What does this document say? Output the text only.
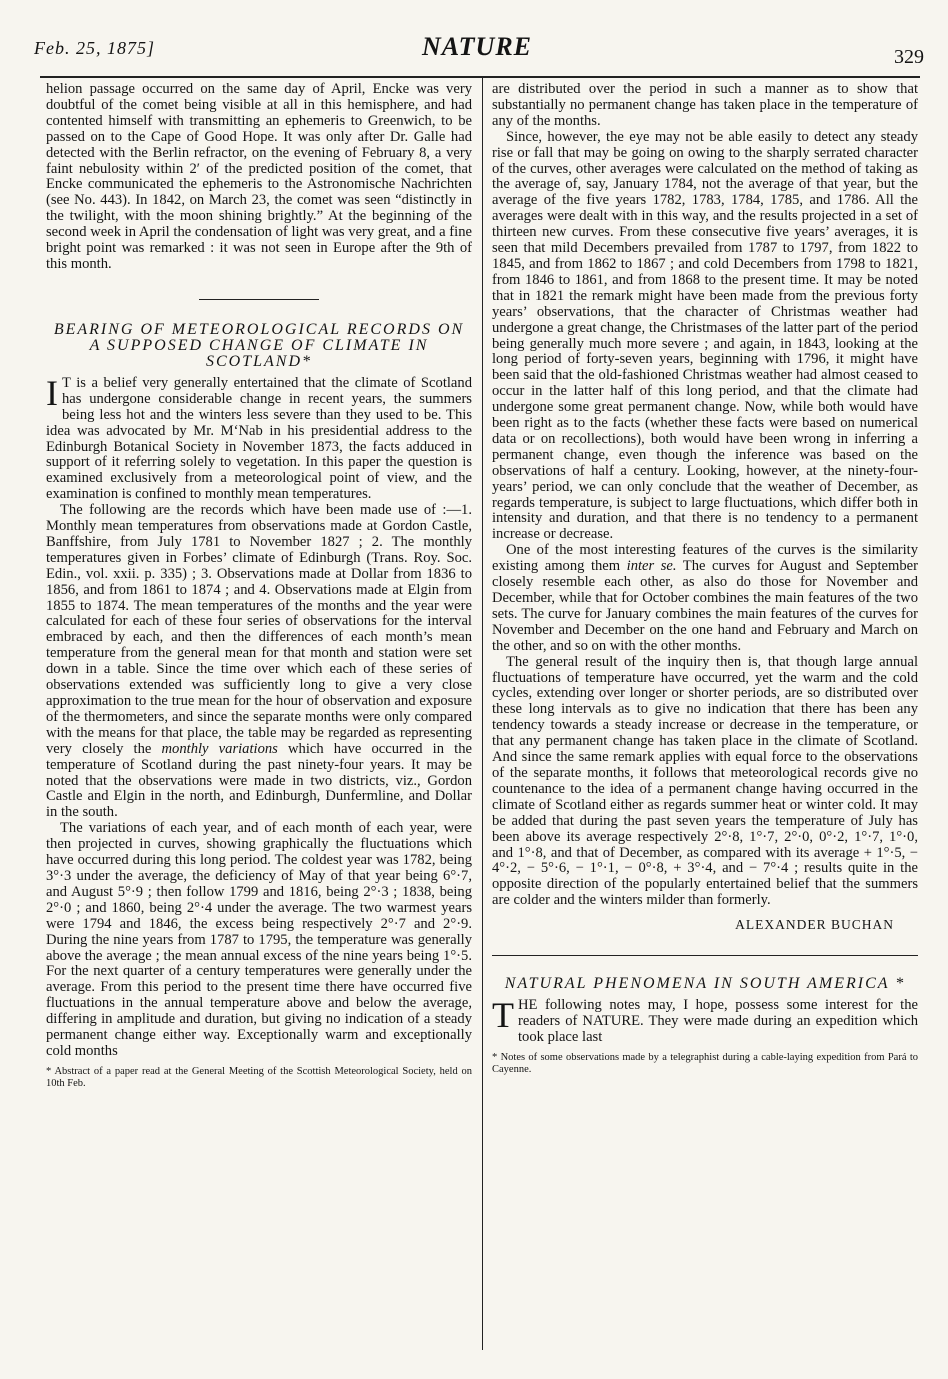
Feb. 25, 1875]	NATURE	329

helion passage occurred on the same day of April, Encke was very doubtful of the comet being visible at all in this hemisphere, and had contented himself with transmitting an ephemeris to Greenwich, to be passed on to the Cape of Good Hope. It was only after Dr. Galle had detected with the Berlin refractor, on the evening of February 8, a very faint nebulosity within 2′ of the predicted position of the comet, that Encke communicated the ephemeris to the Astronomische Nachrichten (see No. 443). In 1842, on March 23, the comet was seen “distinctly in the twilight, with the moon shining brightly.” At the beginning of the second week in April the condensation of light was very great, and a fine bright point was remarked : it was not seen in Europe after the 9th of this month.

BEARING OF METEOROLOGICAL RECORDS ON A SUPPOSED CHANGE OF CLIMATE IN SCOTLAND*

I T is a belief very generally entertained that the climate of Scotland has undergone considerable change in recent years, the summers being less hot and the winters less severe than they used to be. This idea was advocated by Mr. M‘Nab in his presidential address to the Edinburgh Botanical Society in November 1873, the facts adduced in support of it referring solely to vegetation. In this paper the question is examined exclusively from a meteorological point of view, and the examination is confined to monthly mean temperatures.

The following are the records which have been made use of :—1. Monthly mean temperatures from observations made at Gordon Castle, Banffshire, from July 1781 to November 1827 ; 2. The monthly temperatures given in Forbes’ climate of Edinburgh (Trans. Roy. Soc. Edin., vol. xxii. p. 335) ; 3. Observations made at Dollar from 1836 to 1856, and from 1861 to 1874 ; and 4. Observations made at Elgin from 1855 to 1874. The mean temperatures of the months and the year were calculated for each of these four series of observations for the interval embraced by each, and then the differences of each month’s mean temperature from the general mean for that month and station were set down in a table. Since the time over which each of these series of observations extended was sufficiently long to give a very close approximation to the true mean for the hour of observation and exposure of the thermometers, and since the separate months were only compared with the means for that place, the table may be regarded as representing very closely the monthly variations which have occurred in the temperature of Scotland during the past ninety-four years. It may be noted that the observations were made in two districts, viz., Gordon Castle and Elgin in the north, and Edinburgh, Dunfermline, and Dollar in the south.

The variations of each year, and of each month of each year, were then projected in curves, showing graphically the fluctuations which have occurred during this long period. The coldest year was 1782, being 3°·3 under the average, the deficiency of May of that year being 6°·7, and August 5°·9 ; then follow 1799 and 1816, being 2°·3 ; 1838, being 2°·0 ; and 1860, being 2°·4 under the average. The two warmest years were 1794 and 1846, the excess being respectively 2°·7 and 2°·9. During the nine years from 1787 to 1795, the temperature was generally above the average ; the mean annual excess of the nine years being 1°·5. For the next quarter of a century temperatures were generally under the average. From this period to the present time there have occurred five fluctuations in the annual temperature above and below the average, differing in amplitude and duration, but giving no indication of a steady permanent change either way. Exceptionally warm and exceptionally cold months

* Abstract of a paper read at the General Meeting of the Scottish Meteorological Society, held on 10th Feb.

are distributed over the period in such a manner as to show that substantially no permanent change has taken place in the temperature of any of the months.

Since, however, the eye may not be able easily to detect any steady rise or fall that may be going on owing to the sharply serrated character of the curves, other averages were calculated on the method of taking as the average of, say, January 1784, not the average of that year, but the average of the five years 1782, 1783, 1784, 1785, and 1786. All the averages were dealt with in this way, and the results projected in a set of thirteen new curves. From these consecutive five years’ averages, it is seen that mild Decembers prevailed from 1787 to 1797, from 1822 to 1845, and from 1862 to 1867 ; and cold Decembers from 1798 to 1821, from 1846 to 1861, and from 1868 to the present time. It may be noted that in 1821 the remark might have been made from the previous forty years’ observations, that the character of Christmas weather had undergone a great change, the Christmases of the latter part of the period being generally much more severe ; and again, in 1843, looking at the long period of forty-seven years, beginning with 1796, it might have been said that the old-fashioned Christmas weather had almost ceased to occur in the latter half of this long period, and that the climate had undergone some great permanent change. Now, while both would have been right as to the facts (whether these facts were based on numerical data or on recollections), both would have been wrong in inferring a permanent change, even though the inference was based on the observations of half a century. Looking, however, at the ninety-four-years’ period, we can only conclude that the weather of December, as regards temperature, is subject to large fluctuations, which differ both in intensity and duration, and that there is no tendency to a permanent increase or decrease.

One of the most interesting features of the curves is the similarity existing among them inter se. The curves for August and September closely resemble each other, as also do those for November and December, while that for October combines the main features of the two sets. The curve for January combines the main features of the curves for November and December on the one hand and February and March on the other, and so on with the other months.

The general result of the inquiry then is, that though large annual fluctuations of temperature have occurred, yet the warm and the cold cycles, extending over longer or shorter periods, are so distributed over these long intervals as to give no indication that there has been any tendency towards a steady increase or decrease in the temperature, or that any permanent change has taken place in the climate of Scotland. And since the same remark applies with equal force to the observations of the separate months, it follows that meteorological records give no countenance to the idea of a permanent change having occurred in the climate of Scotland either as regards summer heat or winter cold. It may be added that during the past seven years the temperature of July has been above its average respectively 2°·8, 1°·7, 2°·0, 0°·2, 1°·7, 1°·0, and 1°·8, and that of December, as compared with its average + 1°·5, − 4°·2, − 5°·6, − 1°·1, − 0°·8, + 3°·4, and − 7°·4 ; results quite in the opposite direction of the popularly entertained belief that the summers are colder and the winters milder than formerly.

ALEXANDER BUCHAN

NATURAL PHENOMENA IN SOUTH AMERICA *

THE following notes may, I hope, possess some interest for the readers of NATURE. They were made during an expedition which took place last

* Notes of some observations made by a telegraphist during a cable-laying expedition from Pará to Cayenne.
